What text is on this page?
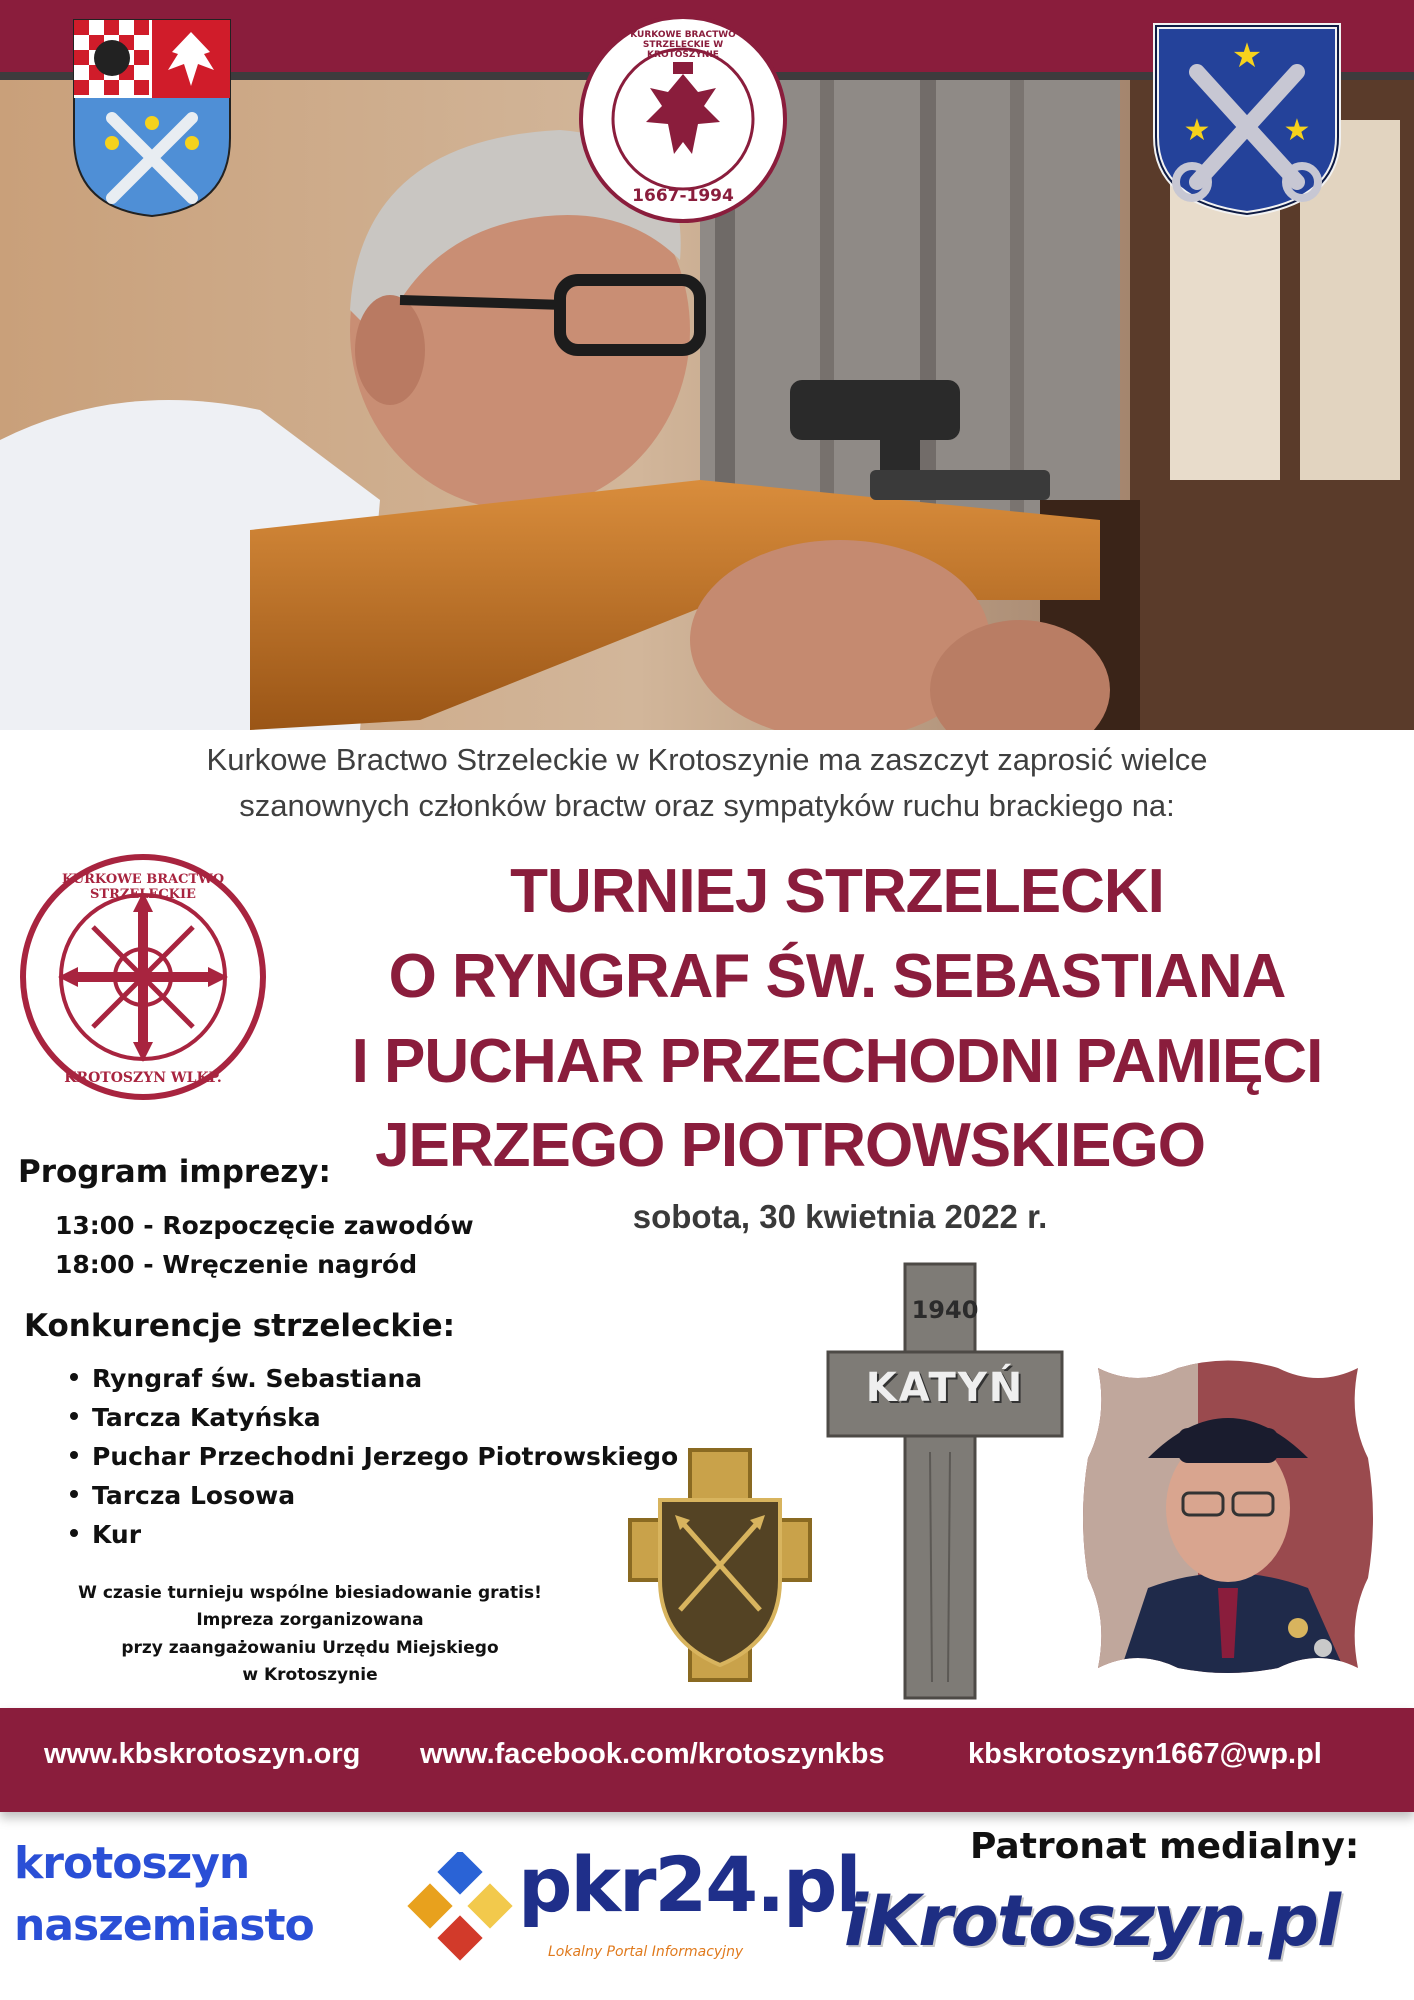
KURKOWE BRACTWO STRZELECKIE W KROTOSZYNIE
1667-1994
★
★ ★
Kurkowe Bractwo Strzeleckie w Krotoszynie ma zaszczyt zaprosić wielce
szanownych członków bractw oraz sympatyków ruchu brackiego na:
KURKOWE BRACTWO STRZELECKIE
KROTOSZYN WLKP.
TURNIEJ STRZELECKI
O RYNGRAF ŚW. SEBASTIANA
I PUCHAR PRZECHODNI PAMIĘCI
JERZEGO PIOTROWSKIEGO
sobota, 30 kwietnia 2022 r.
Program imprezy:
13:00 - Rozpoczęcie zawodów
18:00 - Wręczenie nagród
Konkurencje strzeleckie:
Ryngraf św. Sebastiana
Tarcza Katyńska
Puchar Przechodni Jerzego Piotrowskiego
Tarcza Losowa
Kur
W czasie turnieju wspólne biesiadowanie gratis!
Impreza zorganizowana
przy zaangażowaniu Urzędu Miejskiego
w Krotoszynie
1940
KATYŃ
www.kbskrotoszyn.org www.facebook.com/krotoszynkbs	kbskrotoszyn1667@wp.pl
Patronat medialny:
krotoszyn
naszemiasto	pkr24.pl
Lokalny Portal Informacyjny iKrotoszyn.pl
